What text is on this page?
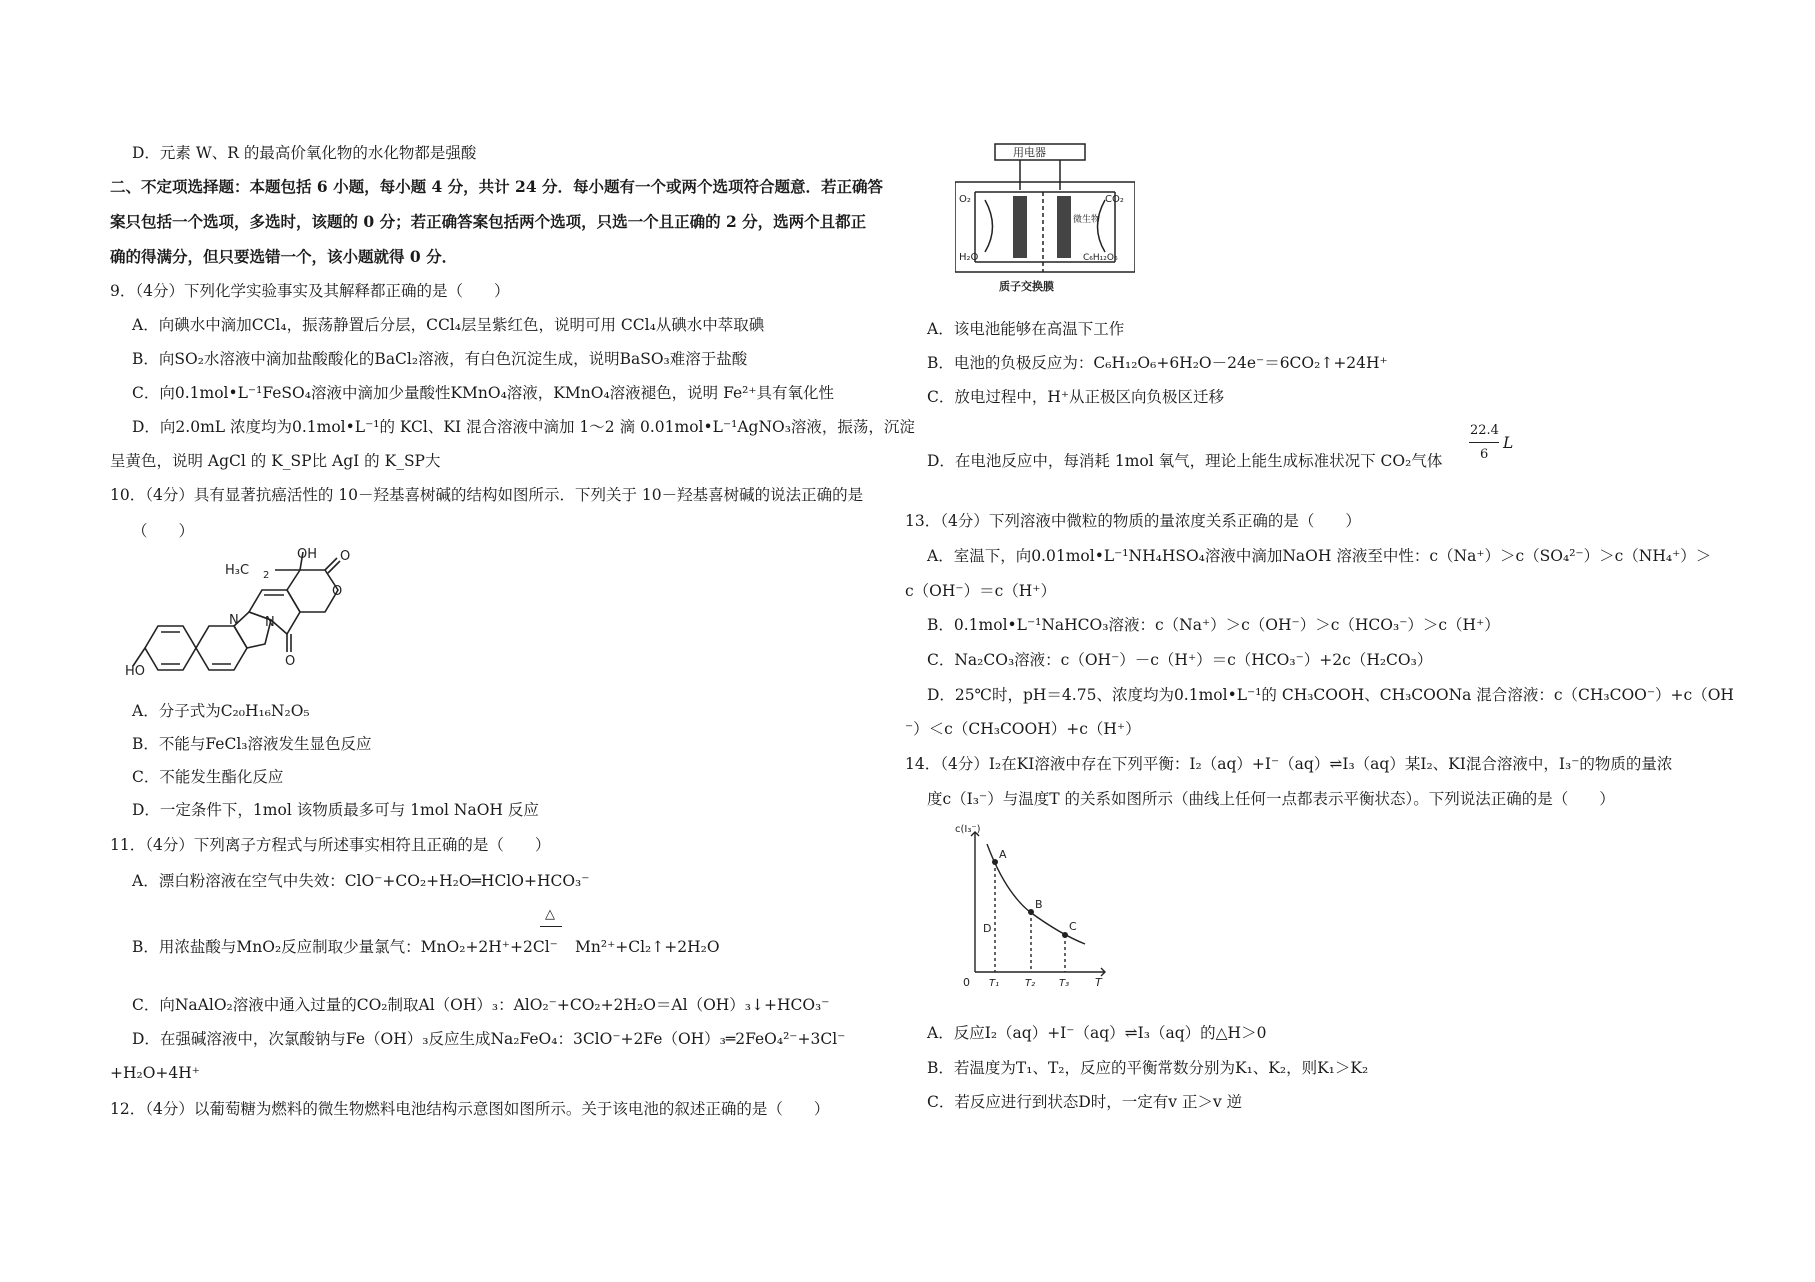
D．元素 W、R 的最高价氧化物的水化物都是强酸
二、不定项选择题：本题包括 6 小题，每小题 4 分，共计 24 分．每小题有一个或两个选项符合题意．若正确答
案只包括一个选项，多选时，该题的 0 分；若正确答案包括两个选项，只选一个且正确的 2 分，选两个且都正
确的得满分，但只要选错一个，该小题就得 0 分．
9．（4分）下列化学实验事实及其解释都正确的是（　　）
A．向碘水中滴加CCl₄，振荡静置后分层，CCl₄层呈紫红色，说明可用 CCl₄从碘水中萃取碘
B．向SO₂水溶液中滴加盐酸酸化的BaCl₂溶液，有白色沉淀生成，说明BaSO₃难溶于盐酸
C．向0.1mol•L⁻¹FeSO₄溶液中滴加少量酸性KMnO₄溶液，KMnO₄溶液褪色，说明 Fe²⁺具有氧化性
D．向2.0mL 浓度均为0.1mol•L⁻¹的 KCl、KI 混合溶液中滴加 1～2 滴 0.01mol•L⁻¹AgNO₃溶液，振荡，沉淀
呈黄色，说明 AgCl 的 K_SP比 AgI 的 K_SP大
10．（4分）具有显著抗癌活性的 10－羟基喜树碱的结构如图所示．下列关于 10－羟基喜树碱的说法正确的是
（　　）
OH
H₃C 2
O
O
O
N N
HO
A．分子式为C₂₀H₁₆N₂O₅
B．不能与FeCl₃溶液发生显色反应
C．不能发生酯化反应
D．一定条件下，1mol 该物质最多可与 1mol NaOH 反应
11．（4分）下列离子方程式与所述事实相符且正确的是（　　）
A．漂白粉溶液在空气中失效：ClO⁻+CO₂+H₂O═HClO+HCO₃⁻
△
B．用浓盐酸与MnO₂反应制取少量氯气：MnO₂+2H⁺+2Cl⁻ Mn²⁺+Cl₂↑+2H₂O
C．向NaAlO₂溶液中通入过量的CO₂制取Al（OH）₃：AlO₂⁻+CO₂+2H₂O＝Al（OH）₃↓+HCO₃⁻
D．在强碱溶液中，次氯酸钠与Fe（OH）₃反应生成Na₂FeO₄：3ClO⁻+2Fe（OH）₃═2FeO₄²⁻+3Cl⁻
+H₂O+4H⁺
12．（4分）以葡萄糖为燃料的微生物燃料电池结构示意图如图所示。关于该电池的叙述正确的是（　　）
用电器
O₂
H₂O
CO₂
C₆H₁₂O₆
微生物
质子交换膜
A．该电池能够在高温下工作
B．电池的负极反应为：C₆H₁₂O₆+6H₂O－24e⁻＝6CO₂↑+24H⁺
C．放电过程中，H⁺从正极区向负极区迁移
22.4
6
L
D．在电池反应中，每消耗 1mol 氧气，理论上能生成标准状况下 CO₂气体
13．（4分）下列溶液中微粒的物质的量浓度关系正确的是（　　）
A．室温下，向0.01mol•L⁻¹NH₄HSO₄溶液中滴加NaOH 溶液至中性：c（Na⁺）＞c（SO₄²⁻）＞c（NH₄⁺）＞
c（OH⁻）＝c（H⁺）
B．0.1mol•L⁻¹NaHCO₃溶液：c（Na⁺）＞c（OH⁻）＞c（HCO₃⁻）＞c（H⁺）
C．Na₂CO₃溶液：c（OH⁻）－c（H⁺）＝c（HCO₃⁻）+2c（H₂CO₃）
D．25℃时，pH＝4.75、浓度均为0.1mol•L⁻¹的 CH₃COOH、CH₃COONa 混合溶液：c（CH₃COO⁻）+c（OH
⁻）＜c（CH₃COOH）+c（H⁺）
14．（4分）I₂在KI溶液中存在下列平衡：I₂（aq）+I⁻（aq）⇌I₃（aq）某I₂、KI混合溶液中，I₃⁻的物质的量浓
度c（I₃⁻）与温度T 的关系如图所示（曲线上任何一点都表示平衡状态）。下列说法正确的是（　　）
c(I₃⁻)
0	T
T₁	T₂ T₃
A
B
C
D
A．反应I₂（aq）+I⁻（aq）⇌I₃（aq）的△H＞0
B．若温度为T₁、T₂，反应的平衡常数分别为K₁、K₂，则K₁＞K₂
C．若反应进行到状态D时，一定有v 正＞v 逆
